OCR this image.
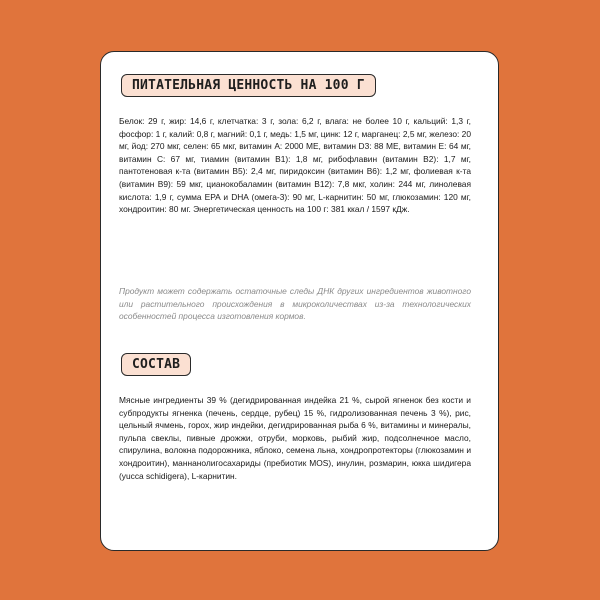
ПИТАТЕЛЬНАЯ ЦЕННОСТЬ НА 100 Г

Белок: 29 г, жир: 14,6 г, клетчатка: 3 г, зола: 6,2 г, влага: не более 10 г, кальций: 1,3 г, фосфор: 1 г, калий: 0,8 г, магний: 0,1 г, медь: 1,5 мг, цинк: 12 г, марганец: 2,5 мг, железо: 20 мг, йод: 270 мкг, селен: 65 мкг, витамин A: 2000 МЕ, витамин D3: 88 МЕ, витамин E: 64 мг, витамин C: 67 мг, тиамин (витамин B1): 1,8 мг, рибофлавин (витамин B2): 1,7 мг, пантотеновая к-та (витамин B5): 2,4 мг, пиридоксин (витамин B6): 1,2 мг, фолиевая к-та (витамин B9): 59 мкг, цианокобаламин (витамин B12): 7,8 мкг, холин: 244 мг, линолевая кислота: 1,9 г, сумма EPA и DHA (омега-3): 90 мг, L-карнитин: 50 мг, глюкозамин: 120 мг, хондроитин: 80 мг. Энергетическая ценность на 100 г: 381 ккал / 1597 кДж.

Продукт может содержать остаточные следы ДНК других ингредиентов животного или растительного происхождения в микроколичествах из-за технологических особенностей процесса изготовления кормов.

СОСТАВ

Мясные ингредиенты 39 % (дегидрированная индейка 21 %, сырой ягненок без кости и субпродукты ягненка (печень, сердце, рубец) 15 %, гидролизованная печень 3 %), рис, цельный ячмень, горох, жир индейки, дегидрированная рыба 6 %, витамины и минералы, пульпа свеклы, пивные дрожжи, отруби, морковь, рыбий жир, подсолнечное масло, спирулина, волокна подорожника, яблоко, семена льна, хондропротекторы (глюкозамин и хондроитин), маннанолигосахариды (пребиотик MOS), инулин, розмарин, юкка шидигера (yucca schidigera), L-карнитин.
